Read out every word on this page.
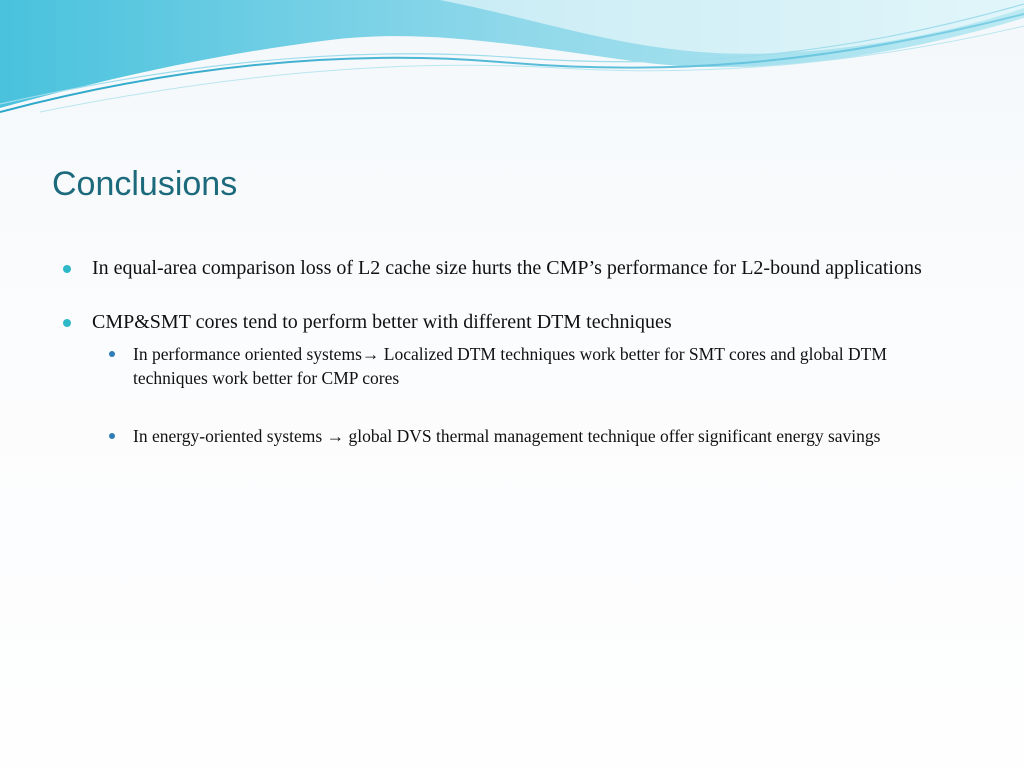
Conclusions
In equal-area comparison loss of L2 cache size hurts the CMP’s performance for L2-bound applications
CMP&SMT cores tend to perform better with different DTM techniques
In performance oriented systems→ Localized DTM techniques work better for SMT cores and global DTM techniques work better for CMP cores
In energy-oriented systems → global DVS thermal management technique offer significant energy savings
